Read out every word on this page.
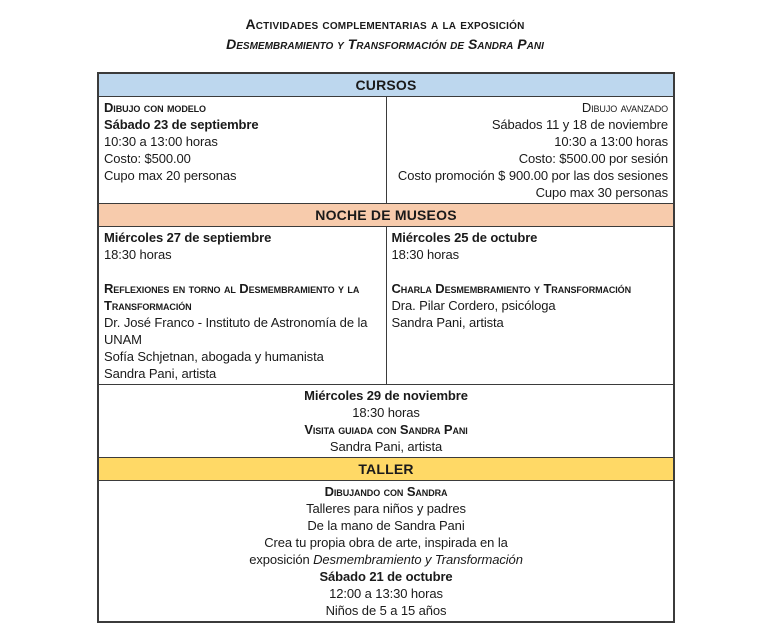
Actividades complementarias a la exposición
Desmembramiento y Transformación de Sandra Pani
CURSOS	

Dibujo con modelo
Sábado 23 de septiembre
10:30 a 13:00 horas
Costo: $500.00
Cupo max 20 personas

Dibujo avanzado
Sábados 11 y 18 de noviembre
10:30 a 13:00 horas
Costo: $500.00 por sesión
Costo promoción $ 900.00 por las dos sesiones
Cupo max 30 personas

NOCHE DE MUSEOS	

Miércoles 27 de septiembre
18:30 horas
Reflexiones en torno al Desmembramiento y la Transformación
Dr. José Franco - Instituto de Astronomía de la UNAM
Sofía Schjetnan, abogada y humanista
Sandra Pani, artista

Miércoles 25 de octubre
18:30 horas
Charla Desmembramiento y Transformación
Dra. Pilar Cordero, psicóloga
Sandra Pani, artista

Miércoles 29 de noviembre
18:30 horas
Visita guiada con Sandra Pani
Sandra Pani, artista	

TALLER	

Dibujando con Sandra
Talleres para niños y padres
De la mano de Sandra Pani
Crea tu propia obra de arte, inspirada en la
exposición Desmembramiento y Transformación
Sábado 21 de octubre
12:00 a 13:30 horas
Niños de 5 a 15 años
